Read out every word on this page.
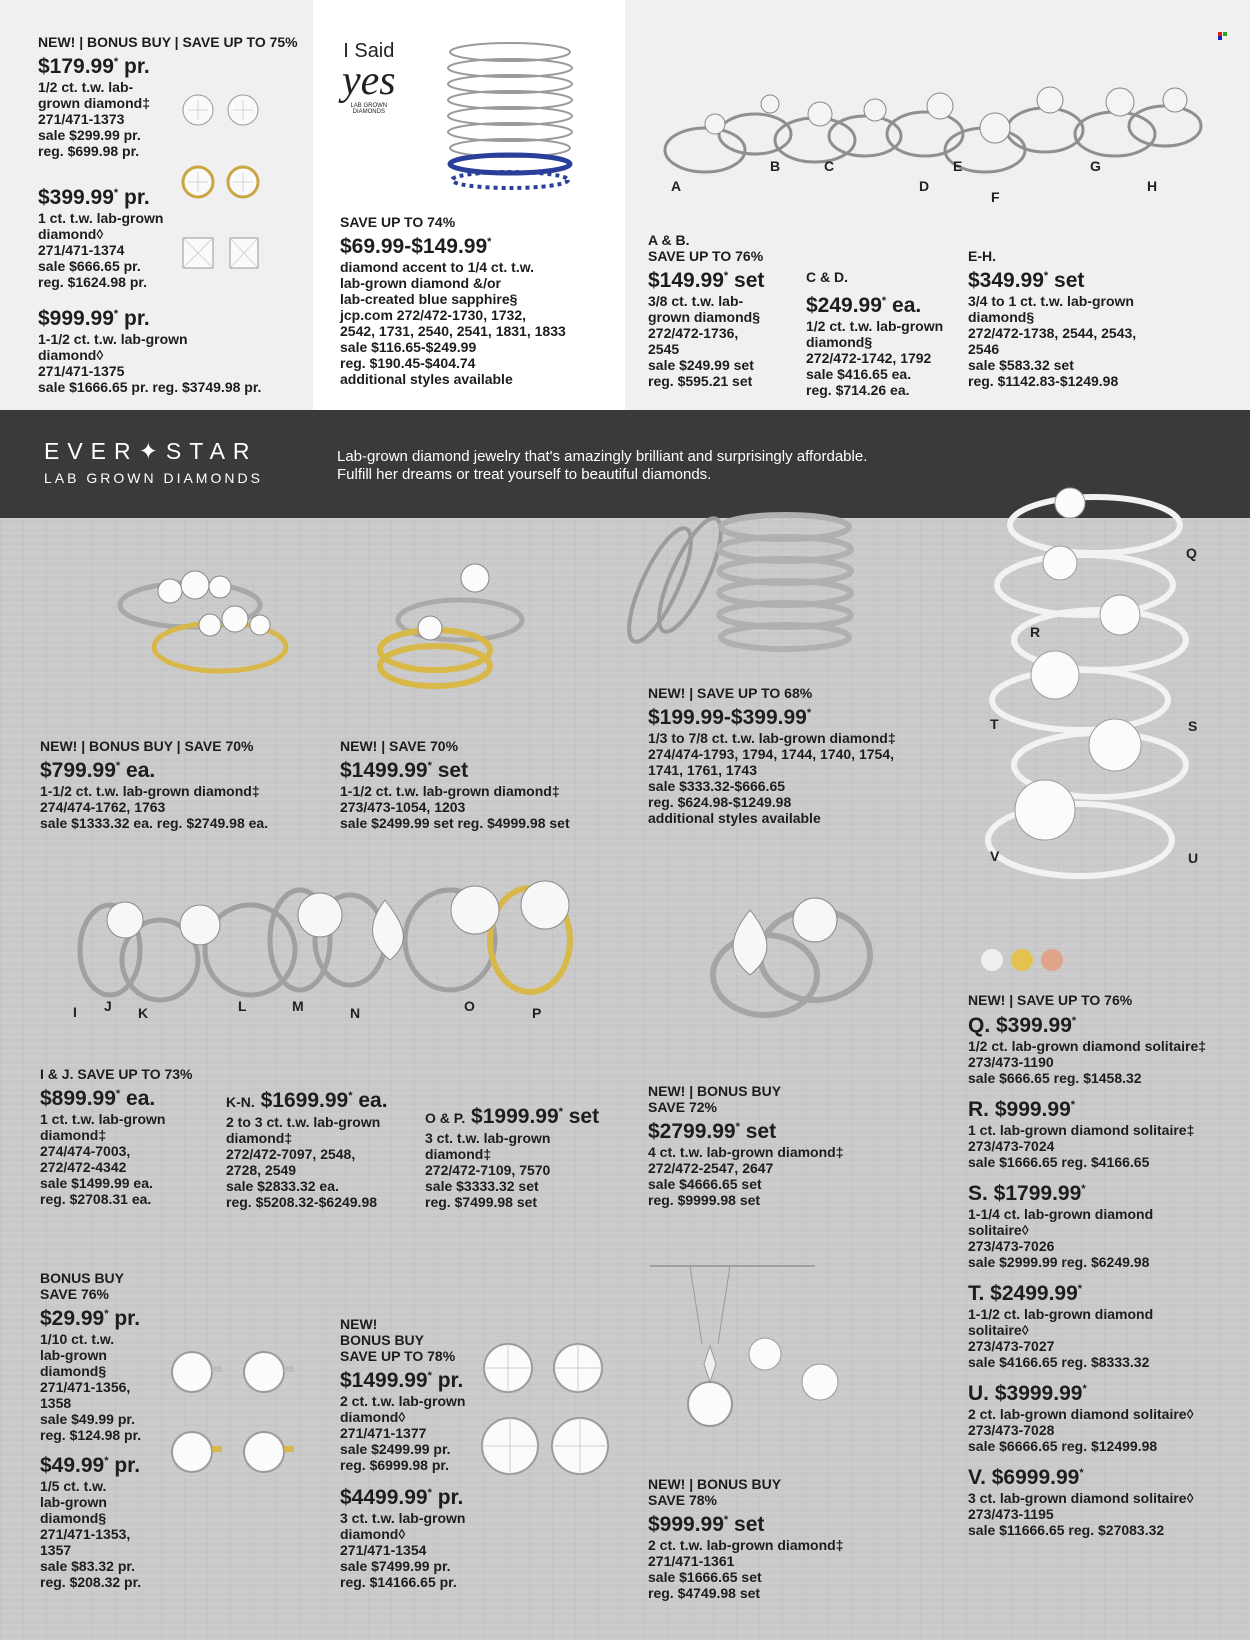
NEW! | BONUS BUY | SAVE UP TO 75%
$179.99* pr.
1/2 ct. t.w. lab-
grown diamond‡
271/471-1373
sale $299.99 pr.
reg. $699.98 pr.
$399.99* pr.
1 ct. t.w. lab-grown
diamond◊
271/471-1374
sale $666.65 pr.
reg. $1624.98 pr.
$999.99* pr.
1-1/2 ct. t.w. lab-grown
diamond◊
271/471-1375
sale $1666.65 pr. reg. $3749.98 pr.
I Said
yes
LAB GROWN DIAMONDS
SAVE UP TO 74%
$69.99-$149.99*
diamond accent to 1/4 ct. t.w.
lab-grown diamond &/or
lab-created blue sapphire§
jcp.com 272/472-1730, 1732,
2542, 1731, 2540, 2541, 1831, 1833
sale $116.65-$249.99
reg. $190.45-$404.74
additional styles available
A
B	C
D
E
F
G
H
A & B.
SAVE UP TO 76%
$149.99* set
3/8 ct. t.w. lab-
grown diamond§
272/472-1736,
2545
sale $249.99 set
reg. $595.21 set
C & D.
$249.99* ea.
1/2 ct. t.w. lab-grown
diamond§
272/472-1742, 1792
sale $416.65 ea.
reg. $714.26 ea.
E-H.
$349.99* set
3/4 to 1 ct. t.w. lab-grown
diamond§
272/472-1738, 2544, 2543,
2546
sale $583.32 set
reg. $1142.83-$1249.98
EVER✦STAR
LAB GROWN DIAMONDS
Lab-grown diamond jewelry that's amazingly brilliant and surprisingly affordable.
Fulfill her dreams or treat yourself to beautiful diamonds.
Q
R
S
T
U
V
NEW! | BONUS BUY | SAVE 70%
$799.99* ea.
1-1/2 ct. t.w. lab-grown diamond‡
274/474-1762, 1763
sale $1333.32 ea. reg. $2749.98 ea.
NEW! | SAVE 70%
$1499.99* set
1-1/2 ct. t.w. lab-grown diamond‡
273/473-1054, 1203
sale $2499.99 set reg. $4999.98 set
NEW! | SAVE UP TO 68%
$199.99-$399.99*
1/3 to 7/8 ct. t.w. lab-grown diamond‡
274/474-1793, 1794, 1744, 1740, 1754,
1741, 1761, 1743
sale $333.32-$666.65
reg. $624.98-$1249.98
additional styles available
I J K	L	M	N	O	P
I & J. SAVE UP TO 73%
$899.99* ea.
1 ct. t.w. lab-grown
diamond‡
274/474-7003,
272/472-4342
sale $1499.99 ea.
reg. $2708.31 ea.
K-N. $1699.99* ea.
2 to 3 ct. t.w. lab-grown
diamond‡
272/472-7097, 2548,
2728, 2549
sale $2833.32 ea.
reg. $5208.32-$6249.98
O & P. $1999.99* set
3 ct. t.w. lab-grown
diamond‡
272/472-7109, 7570
sale $3333.32 set
reg. $7499.98 set
NEW! | BONUS BUY
SAVE 72%
$2799.99* set
4 ct. t.w. lab-grown diamond‡
272/472-2547, 2647
sale $4666.65 set
reg. $9999.98 set
NEW! | SAVE UP TO 76%
Q. $399.99*
1/2 ct. lab-grown diamond solitaire‡
273/473-1190
sale $666.65 reg. $1458.32
R. $999.99*
1 ct. lab-grown diamond solitaire‡
273/473-7024
sale $1666.65 reg. $4166.65
S. $1799.99*
1-1/4 ct. lab-grown diamond
solitaire◊
273/473-7026
sale $2999.99 reg. $6249.98
T. $2499.99*
1-1/2 ct. lab-grown diamond
solitaire◊
273/473-7027
sale $4166.65 reg. $8333.32
U. $3999.99*
2 ct. lab-grown diamond solitaire◊
273/473-7028
sale $6666.65 reg. $12499.98
V. $6999.99*
3 ct. lab-grown diamond solitaire◊
273/473-1195
sale $11666.65 reg. $27083.32
BONUS BUY
SAVE 76%
$29.99* pr.
1/10 ct. t.w.
lab-grown
diamond§
271/471-1356,
1358
sale $49.99 pr.
reg. $124.98 pr.
$49.99* pr.
1/5 ct. t.w.
lab-grown
diamond§
271/471-1353,
1357
sale $83.32 pr.
reg. $208.32 pr.
NEW!
BONUS BUY
SAVE UP TO 78%
$1499.99* pr.
2 ct. t.w. lab-grown
diamond◊
271/471-1377
sale $2499.99 pr.
reg. $6999.98 pr.
$4499.99* pr.
3 ct. t.w. lab-grown
diamond◊
271/471-1354
sale $7499.99 pr.
reg. $14166.65 pr.
NEW! | BONUS BUY
SAVE 78%
$999.99* set
2 ct. t.w. lab-grown diamond‡
271/471-1361
sale $1666.65 set
reg. $4749.98 set
